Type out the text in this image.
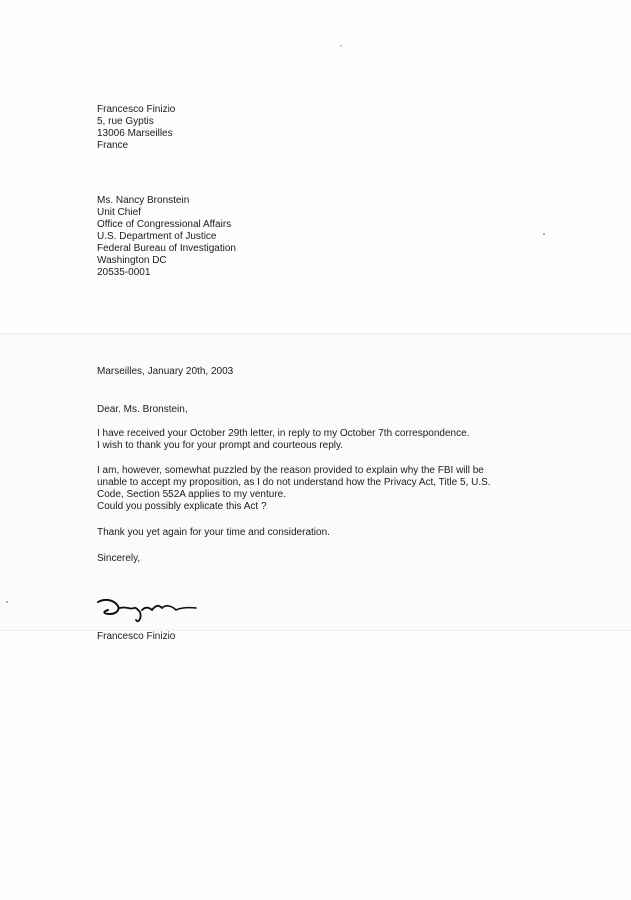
Francesco Finizio
5, rue Gyptis
13006 Marseilles
France
Ms. Nancy Bronstein
Unit Chief
Office of Congressional Affairs
U.S. Department of Justice
Federal Bureau of Investigation
Washington DC
20535-0001
Marseilles, January 20th, 2003
Dear. Ms. Bronstein,
I have received your October 29th letter, in reply to my October 7th correspondence.
I wish to thank you for your prompt and courteous reply.
I am, however, somewhat puzzled by the reason provided to explain why the FBI will be
unable to accept my proposition, as I do not understand how the Privacy Act, Title 5, U.S.
Code, Section 552A applies to my venture.
Could you possibly explicate this Act ?
Thank you yet again for your time and consideration.
Sincerely,
Francesco Finizio
